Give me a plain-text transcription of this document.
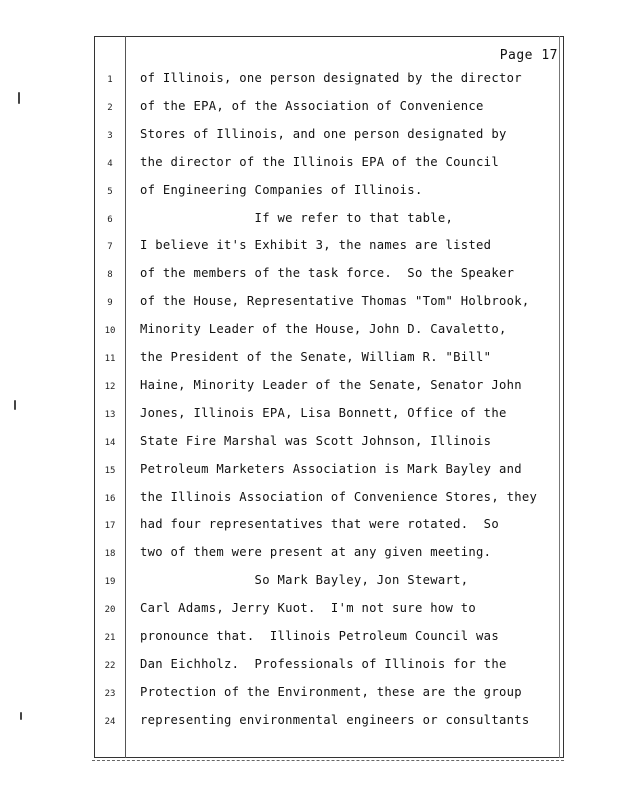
Page 17
1	of Illinois, one person designated by the director
2	of the EPA, of the Association of Convenience
3	Stores of Illinois, and one person designated by
4	the director of the Illinois EPA of the Council
5	of Engineering Companies of Illinois.
6	If we refer to that table,
7	I believe it's Exhibit 3, the names are listed
8	of the members of the task force.  So the Speaker
9	of the House, Representative Thomas "Tom" Holbrook,
10	Minority Leader of the House, John D. Cavaletto,
11	the President of the Senate, William R. "Bill"
12	Haine, Minority Leader of the Senate, Senator John
13	Jones, Illinois EPA, Lisa Bonnett, Office of the
14	State Fire Marshal was Scott Johnson, Illinois
15	Petroleum Marketers Association is Mark Bayley and
16	the Illinois Association of Convenience Stores, they
17	had four representatives that were rotated.  So
18	two of them were present at any given meeting.
19	So Mark Bayley, Jon Stewart,
20	Carl Adams, Jerry Kuot.  I'm not sure how to
21	pronounce that.  Illinois Petroleum Council was
22	Dan Eichholz.  Professionals of Illinois for the
23	Protection of the Environment, these are the group
24	representing environmental engineers or consultants
